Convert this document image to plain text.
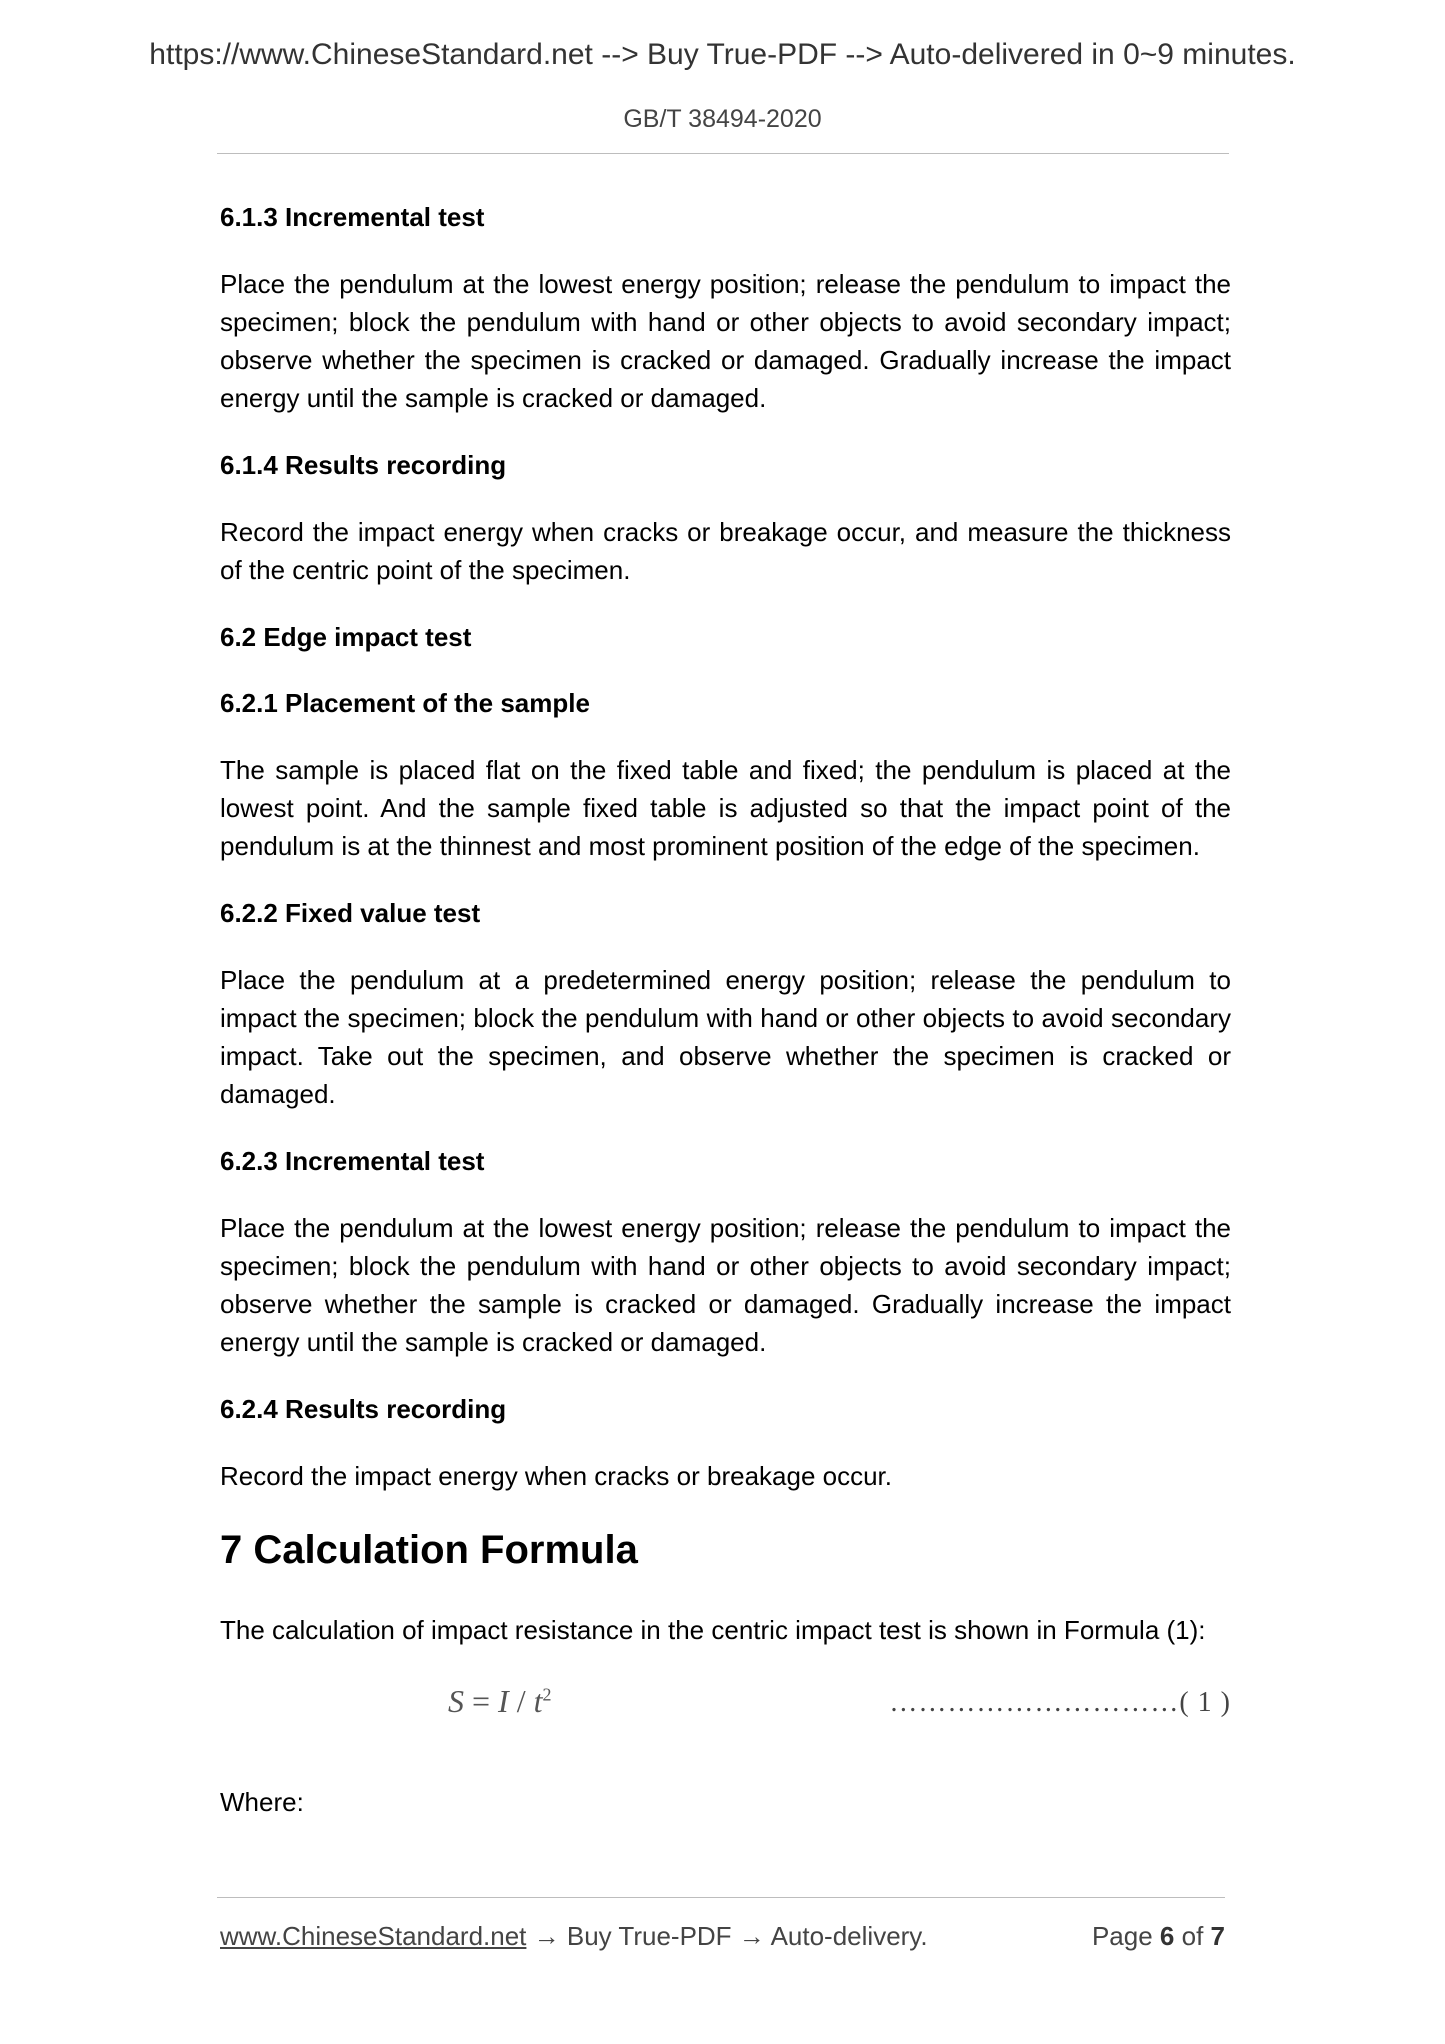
https://www.ChineseStandard.net --> Buy True-PDF --> Auto-delivered in 0~9 minutes.
GB/T 38494-2020
6.1.3 Incremental test
Place the pendulum at the lowest energy position; release the pendulum to impact the specimen; block the pendulum with hand or other objects to avoid secondary impact; observe whether the specimen is cracked or damaged. Gradually increase the impact energy until the sample is cracked or damaged.
6.1.4 Results recording
Record the impact energy when cracks or breakage occur, and measure the thickness of the centric point of the specimen.
6.2 Edge impact test
6.2.1 Placement of the sample
The sample is placed flat on the fixed table and fixed; the pendulum is placed at the lowest point. And the sample fixed table is adjusted so that the impact point of the pendulum is at the thinnest and most prominent position of the edge of the specimen.
6.2.2 Fixed value test
Place the pendulum at a predetermined energy position; release the pendulum to impact the specimen; block the pendulum with hand or other objects to avoid secondary impact. Take out the specimen, and observe whether the specimen is cracked or damaged.
6.2.3 Incremental test
Place the pendulum at the lowest energy position; release the pendulum to impact the specimen; block the pendulum with hand or other objects to avoid secondary impact; observe whether the sample is cracked or damaged. Gradually increase the impact energy until the sample is cracked or damaged.
6.2.4 Results recording
Record the impact energy when cracks or breakage occur.
7 Calculation Formula
The calculation of impact resistance in the centric impact test is shown in Formula (1):
$S = I / t^2$	…………………………( 1 )
Where:
www.ChineseStandard.net → Buy True-PDF → Auto-delivery.	Page 6 of 7
